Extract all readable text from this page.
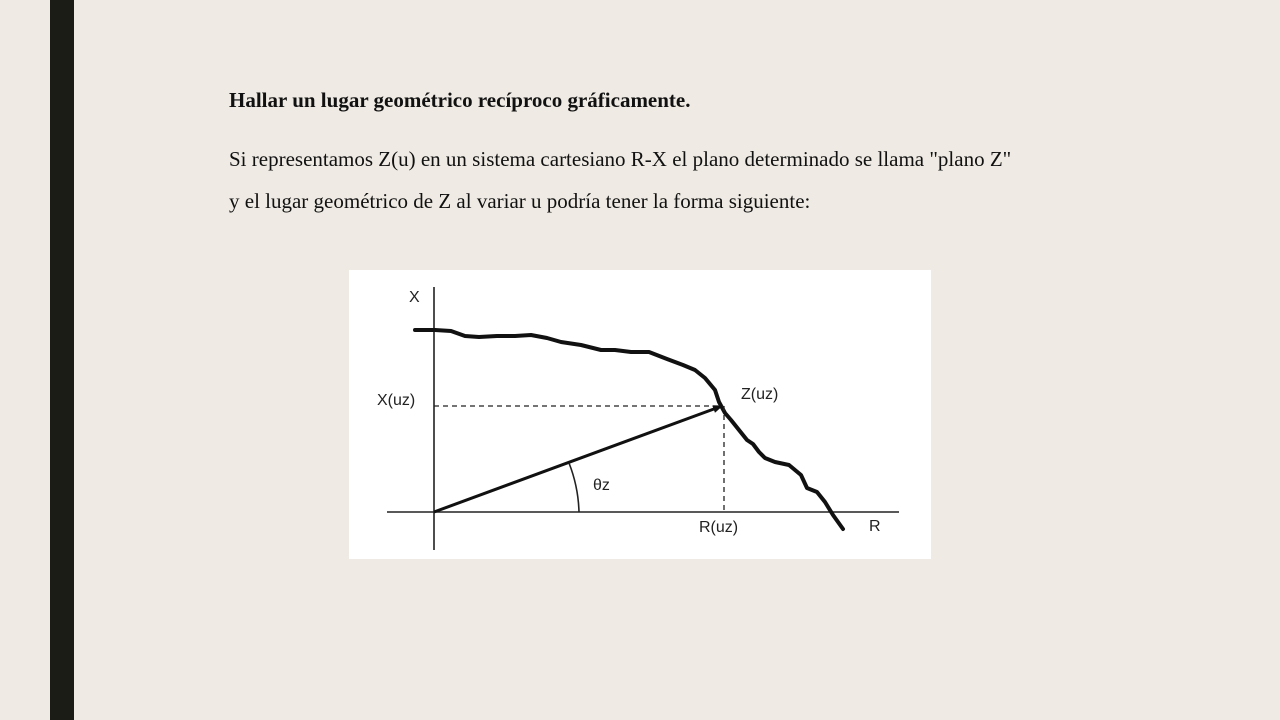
Hallar un lugar geométrico recíproco gráficamente.

Si representamos Z(u) en un sistema cartesiano R-X el plano determinado se llama "plano Z"

y el lugar geométrico de Z al variar u podría tener la forma siguiente:

X
R
X(uz)	Z(uz)
θz
R(uz)
